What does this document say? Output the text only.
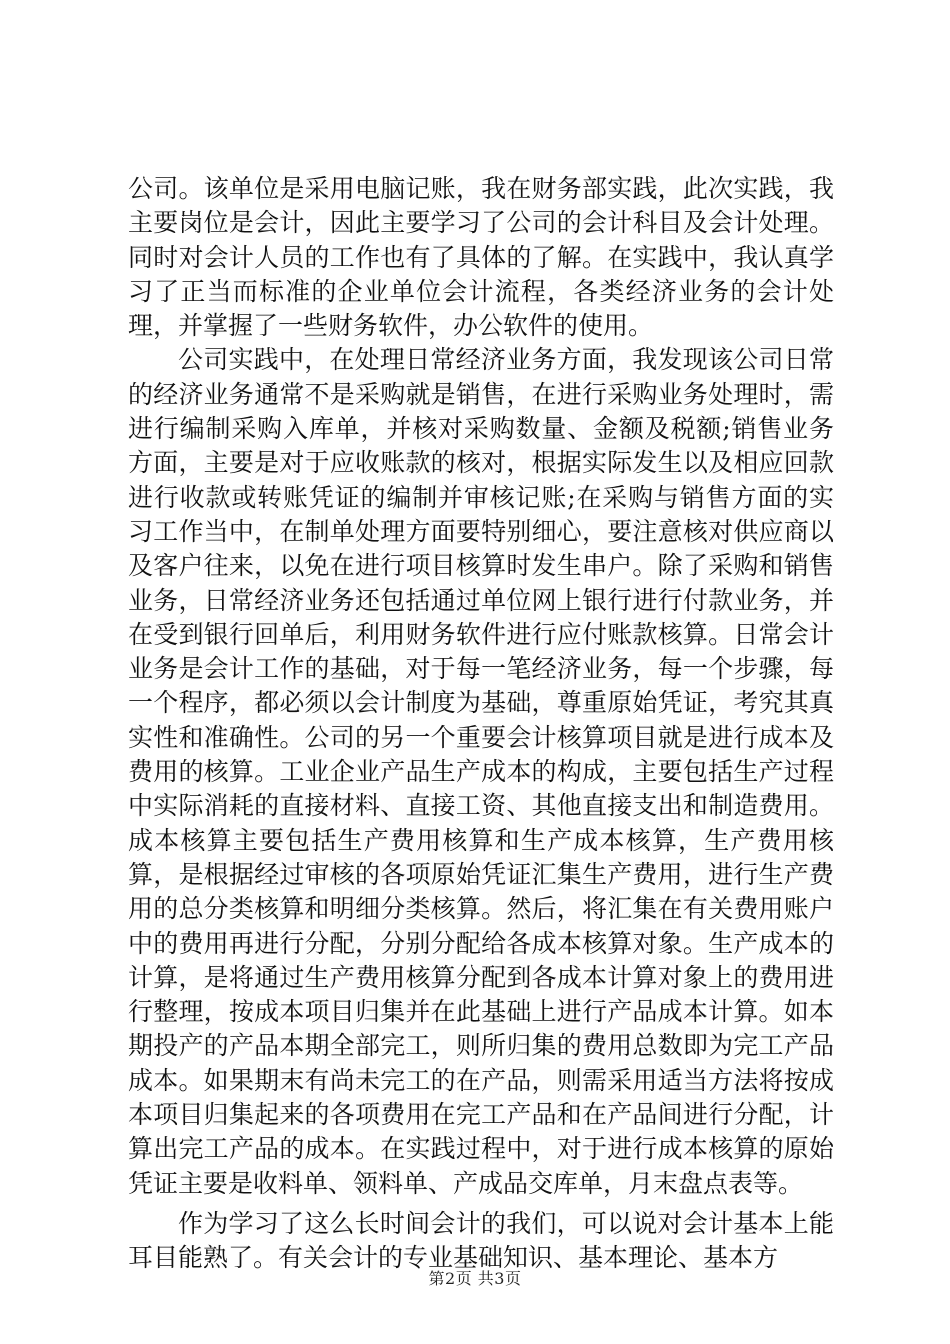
公司。该单位是采用电脑记账，我在财务部实践，此次实践，我主要岗位是会计，因此主要学习了公司的会计科目及会计处理。同时对会计人员的工作也有了具体的了解。在实践中，我认真学习了正当而标准的企业单位会计流程，各类经济业务的会计处理，并掌握了一些财务软件，办公软件的使用。

公司实践中，在处理日常经济业务方面，我发现该公司日常的经济业务通常不是采购就是销售，在进行采购业务处理时，需进行编制采购入库单，并核对采购数量、金额及税额;销售业务方面，主要是对于应收账款的核对，根据实际发生以及相应回款进行收款或转账凭证的编制并审核记账;在采购与销售方面的实习工作当中，在制单处理方面要特别细心，要注意核对供应商以及客户往来，以免在进行项目核算时发生串户。除了采购和销售业务，日常经济业务还包括通过单位网上银行进行付款业务，并在受到银行回单后，利用财务软件进行应付账款核算。日常会计业务是会计工作的基础，对于每一笔经济业务，每一个步骤，每一个程序，都必须以会计制度为基础，尊重原始凭证，考究其真实性和准确性。公司的另一个重要会计核算项目就是进行成本及费用的核算。工业企业产品生产成本的构成，主要包括生产过程中实际消耗的直接材料、直接工资、其他直接支出和制造费用。成本核算主要包括生产费用核算和生产成本核算，生产费用核算，是根据经过审核的各项原始凭证汇集生产费用，进行生产费用的总分类核算和明细分类核算。然后，将汇集在有关费用账户中的费用再进行分配，分别分配给各成本核算对象。生产成本的计算，是将通过生产费用核算分配到各成本计算对象上的费用进行整理，按成本项目归集并在此基础上进行产品成本计算。如本期投产的产品本期全部完工，则所归集的费用总数即为完工产品成本。如果期末有尚未完工的在产品，则需采用适当方法将按成本项目归集起来的各项费用在完工产品和在产品间进行分配，计算出完工产品的成本。在实践过程中，对于进行成本核算的原始凭证主要是收料单、领料单、产成品交库单，月末盘点表等。

作为学习了这么长时间会计的我们，可以说对会计基本上能耳目能熟了。有关会计的专业基础知识、基本理论、基本方

第2页 共3页
